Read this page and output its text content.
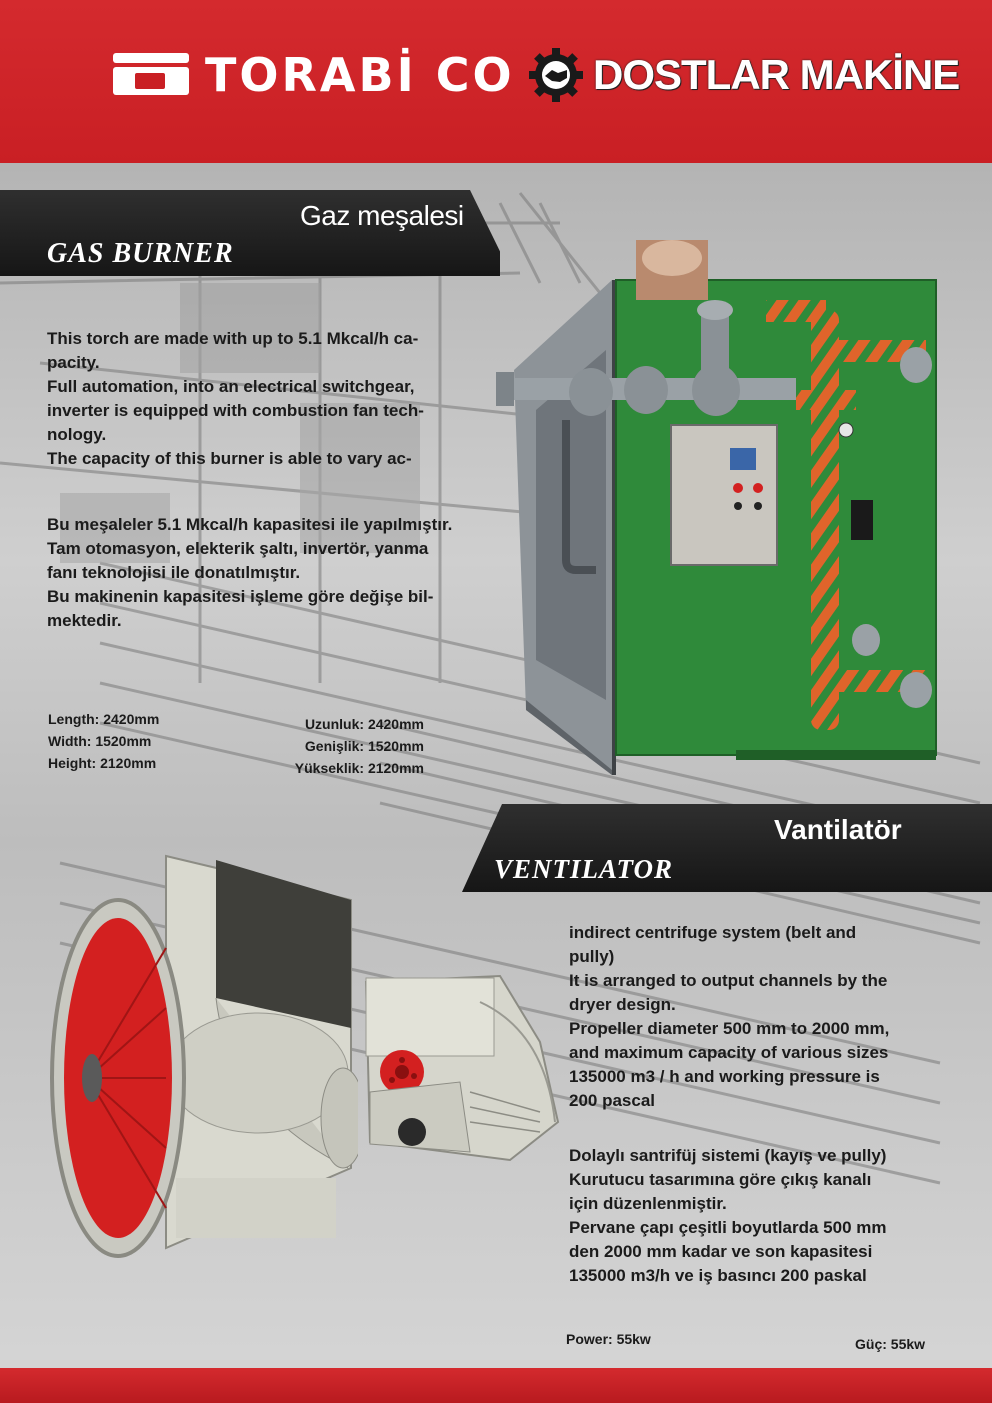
TORABİ CO DOSTLAR MAKİNE
Gaz meşalesi
GAS BURNER
This torch are made with up to 5.1 Mkcal/h ca-
pacity.
Full automation, into an electrical switchgear,
inverter is equipped with combustion fan tech-
nology.
The capacity of this burner is able to vary ac-
Bu meşaleler 5.1 Mkcal/h kapasitesi ile yapılmıştır.
Tam otomasyon, elekterik şaltı, invertör, yanma
fanı teknolojisi ile donatılmıştır.
Bu makinenin kapasitesi işleme göre değişe bil-
mektedir.
Length: 2420mm
Width: 1520mm
Height: 2120mm
Uzunluk: 2420mm
Genişlik: 1520mm
Yükseklik: 2120mm
Vantilatör
VENTILATOR
indirect centrifuge system (belt and
pully)
It is arranged to output channels by the
dryer design.
Propeller diameter 500 mm to 2000 mm,
and maximum capacity of various sizes
135000 m3 / h and working pressure is
200 pascal
Dolaylı santrifüj sistemi (kayış ve pully)
Kurutucu tasarımına göre çıkış kanalı
için düzenlenmiştir.
Pervane çapı çeşitli boyutlarda 500 mm
den 2000 mm kadar ve son kapasitesi
135000 m3/h ve iş basıncı 200 paskal
Power: 55kw	Güç: 55kw
